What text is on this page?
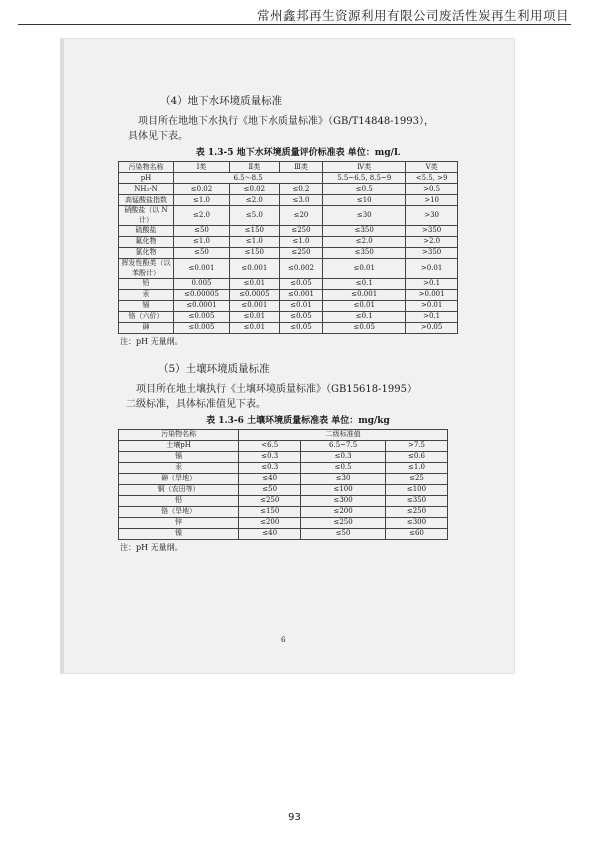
常州鑫邦再生资源利用有限公司废活性炭再生利用项目
（4）地下水环境质量标准
项目所在地地下水执行《地下水质量标准》（GB/T14848-1993），
具体见下表。
表 1.3-5 地下水环境质量评价标准表 单位：mg/L
污染物名称	Ⅰ类	Ⅱ类	Ⅲ类	Ⅳ类	Ⅴ类
pH	6.5～8.5			5.5~6.5, 8.5~9	<5.5, >9
NH₃-N	≤0.02	≤0.02	≤0.2	≤0.5	>0.5
高锰酸盐指数	≤1.0	≤2.0	≤3.0	≤10	>10
硝酸盐（以 N 计）	≤2.0	≤5.0	≤20	≤30	>30
硫酸盐	≤50	≤150	≤250	≤350	>350
氟化物	≤1.0	≤1.0	≤1.0	≤2.0	>2.0
氯化物	≤50	≤150	≤250	≤350	>350
挥发性酚类（以苯酚计）	≤0.001	≤0.001	≤0.002	≤0.01	>0.01
铅	0.005	≤0.01	≤0.05	≤0.1	>0.1
汞	≤0.00005	≤0.0005	≤0.001	≤0.001	>0.001
镉	≤0.0001	≤0.001	≤0.01	≤0.01	>0.01
铬（六价）	≤0.005	≤0.01	≤0.05	≤0.1	>0.1
砷	≤0.005	≤0.01	≤0.05	≤0.05	>0.05
注：pH 无量纲。
（5）土壤环境质量标准
项目所在地土壤执行《土壤环境质量标准》（GB15618-1995）
二级标准，具体标准值见下表。
表 1.3-6 土壤环境质量标准表 单位：mg/kg
污染物名称	二级标准值		
土壤pH	<6.5	6.5~7.5	>7.5
镉	≤0.3	≤0.3	≤0.6
汞	≤0.3	≤0.5	≤1.0
砷（旱地）	≤40	≤30	≤25
铜（农田等）	≤50	≤100	≤100
铅	≤250	≤300	≤350
铬（旱地）	≤150	≤200	≤250
锌	≤200	≤250	≤300
镍	≤40	≤50	≤60
注：pH 无量纲。
6
93
